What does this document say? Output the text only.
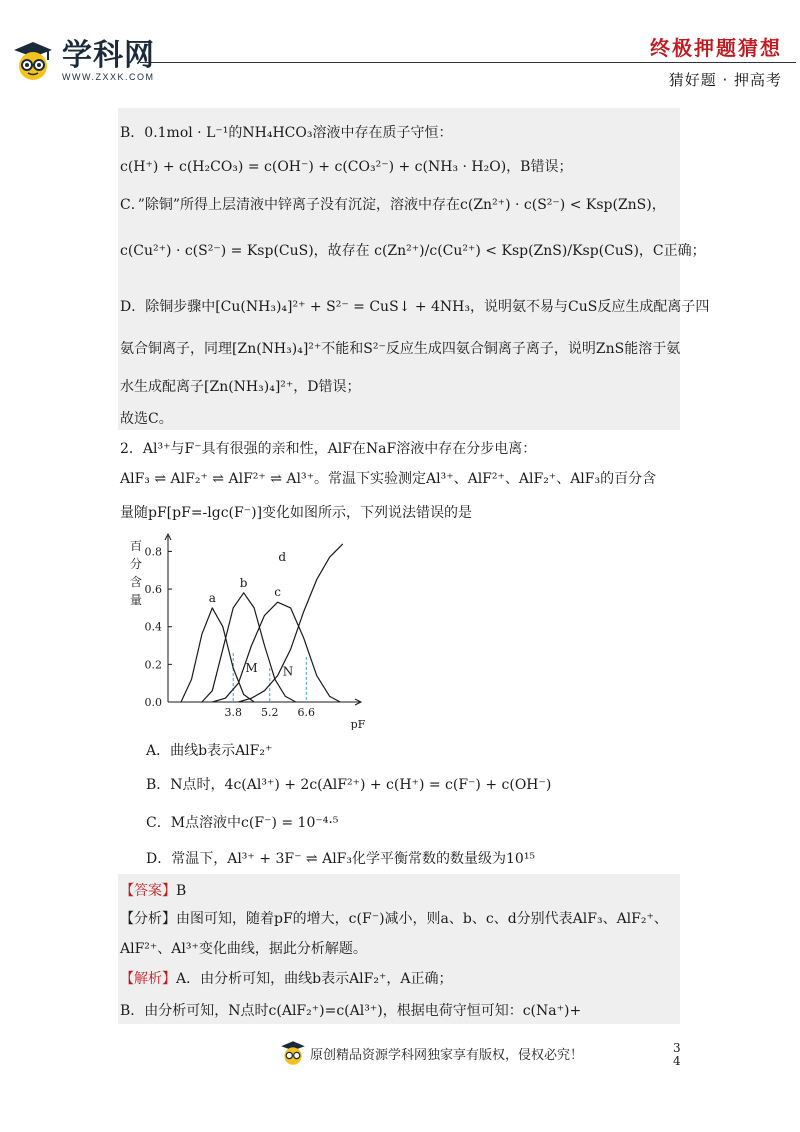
学科网
WWW.ZXXK.COM
终极押题猜想
猜好题 · 押高考
B．0.1mol · L⁻¹的NH₄HCO₃溶液中存在质子守恒：
c(H⁺) + c(H₂CO₃) = c(OH⁻) + c(CO₃²⁻) + c(NH₃ · H₂O)，B错误；
C．”除铜”所得上层清液中锌离子没有沉淀，溶液中存在c(Zn²⁺) · c(S²⁻) < Ksp(ZnS)，
c(Cu²⁺) · c(S²⁻) = Ksp(CuS)，故存在 c(Zn²⁺)/c(Cu²⁺) < Ksp(ZnS)/Ksp(CuS)，C正确；
D．除铜步骤中[Cu(NH₃)₄]²⁺ + S²⁻ = CuS↓ + 4NH₃，说明氨不易与CuS反应生成配离子四
氨合铜离子，同理[Zn(NH₃)₄]²⁺不能和S²⁻反应生成四氨合铜离子离子，说明ZnS能溶于氨
水生成配离子[Zn(NH₃)₄]²⁺，D错误；
故选C。
2．Al³⁺与F⁻具有很强的亲和性，AlF在NaF溶液中存在分步电离：
AlF₃ ⇌ AlF₂⁺ ⇌ AlF²⁺ ⇌ Al³⁺。常温下实验测定Al³⁺、AlF²⁺、AlF₂⁺、AlF₃的百分含
量随pF[pF=-lgc(F⁻)]变化如图所示，下列说法错误的是
0.0
0.2
0.4
0.6
0.8
3.8 5.2 6.6
a
b
c
d
M N
百
分
含
量
pF
A．曲线b表示AlF₂⁺
B．N点时，4c(Al³⁺) + 2c(AlF²⁺) + c(H⁺) = c(F⁻) + c(OH⁻)
C．M点溶液中c(F⁻) = 10⁻⁴·⁵
D．常温下，Al³⁺ + 3F⁻ ⇌ AlF₃化学平衡常数的数量级为10¹⁵
【答案】B
【分析】由图可知，随着pF的增大，c(F⁻)减小，则a、b、c、d分别代表AlF₃、AlF₂⁺、
AlF²⁺、Al³⁺变化曲线，据此分析解题。
【解析】A．由分析可知，曲线b表示AlF₂⁺，A正确；
B．由分析可知，N点时c(AlF₂⁺)=c(Al³⁺)，根据电荷守恒可知：c(Na⁺)+
原创精品资源学科网独家享有版权，侵权必究！	3
4
